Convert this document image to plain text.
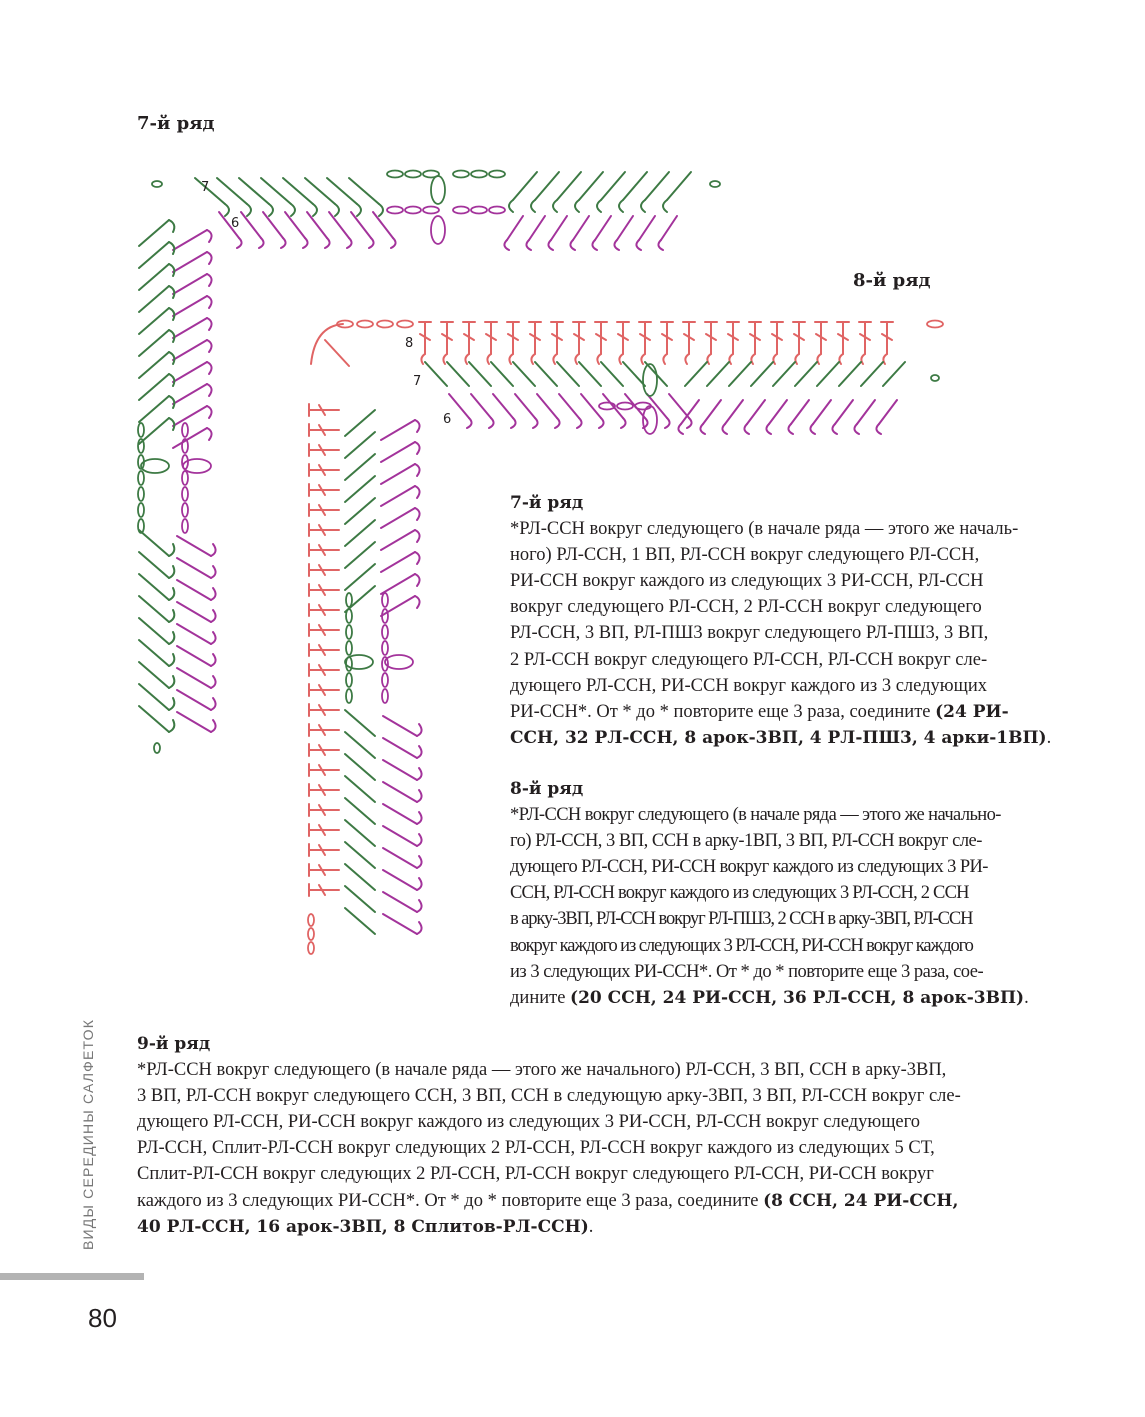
7-й ряд
8-й ряд
7
6
8
7
6
7-й ряд
*РЛ-ССН вокруг следующего (в начале ряда — этого же началь-
ного) РЛ-ССН, 1 ВП, РЛ-ССН вокруг следующего РЛ-ССН,
РИ-ССН вокруг каждого из следующих 3 РИ-ССН, РЛ-ССН
вокруг следующего РЛ-ССН, 2 РЛ-ССН вокруг следующего
РЛ-ССН, 3 ВП, РЛ-ПШ3 вокруг следующего РЛ-ПШ3, 3 ВП,
2 РЛ-ССН вокруг следующего РЛ-ССН, РЛ-ССН вокруг сле-
дующего РЛ-ССН, РИ-ССН вокруг каждого из 3 следующих
РИ-ССН*. От * до * повторите еще 3 раза, соедините (24 РИ-
ССН, 32 РЛ-ССН, 8 арок-3ВП, 4 РЛ-ПШ3, 4 арки-1ВП).
8-й ряд
*РЛ-ССН вокруг следующего (в начале ряда — этого же начально-
го) РЛ-ССН, 3 ВП, ССН в арку-1ВП, 3 ВП, РЛ-ССН вокруг сле-
дующего РЛ-ССН, РИ-ССН вокруг каждого из следующих 3 РИ-
ССН, РЛ-ССН вокруг каждого из следующих 3 РЛ-ССН, 2 ССН
в арку-3ВП, РЛ-ССН вокруг РЛ-ПШ3, 2 ССН в арку-3ВП, РЛ-ССН
вокруг каждого из следующих 3 РЛ-ССН, РИ-ССН вокруг каждого
из 3 следующих РИ-ССН*. От * до * повторите еще 3 раза, сое-
дините (20 ССН, 24 РИ-ССН, 36 РЛ-ССН, 8 арок-3ВП).
9-й ряд
*РЛ-ССН вокруг следующего (в начале ряда — этого же начального) РЛ-ССН, 3 ВП, ССН в арку-3ВП,
3 ВП, РЛ-ССН вокруг следующего ССН, 3 ВП, ССН в следующую арку-3ВП, 3 ВП, РЛ-ССН вокруг сле-
дующего РЛ-ССН, РИ-ССН вокруг каждого из следующих 3 РИ-ССН, РЛ-ССН вокруг следующего
РЛ-ССН, Сплит-РЛ-ССН вокруг следующих 2 РЛ-ССН, РЛ-ССН вокруг каждого из следующих 5 СТ,
Сплит-РЛ-ССН вокруг следующих 2 РЛ-ССН, РЛ-ССН вокруг следующего РЛ-ССН, РИ-ССН вокруг
каждого из 3 следующих РИ-ССН*. От * до * повторите еще 3 раза, соедините (8 ССН, 24 РИ-ССН,
40 РЛ-ССН, 16 арок-3ВП, 8 Сплитов-РЛ-ССН).
ВИДЫ СЕРЕДИНЫ САЛФЕТОК
80
